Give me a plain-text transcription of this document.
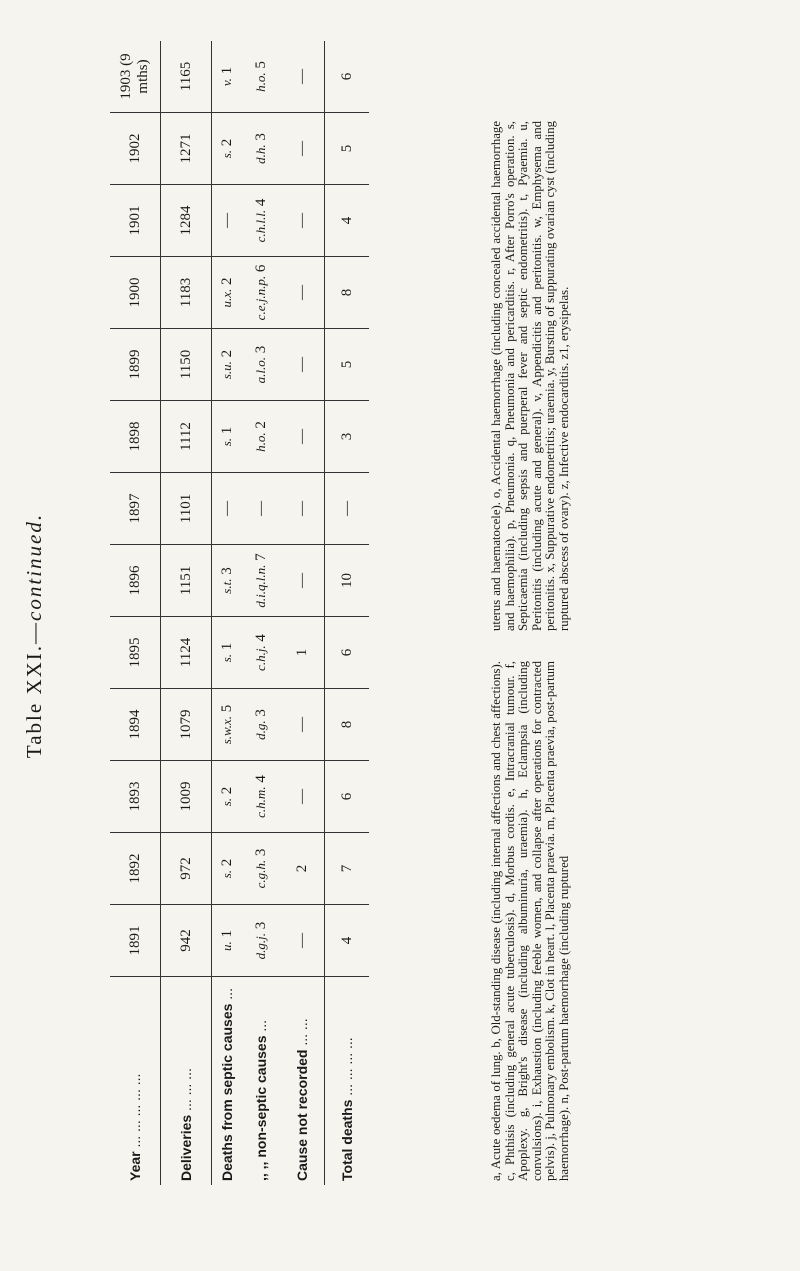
Table XXI.—continued.
Year ... ... ... ... ...	1891	1892	1893	1894	1895	1896	1897	1898	1899	1900	1901	1902	1903 (9 mths)
Deliveries ... ... ...	942	972	1009	1079	1124	1151	1101	1112	1150	1183	1284	1271	1165
Deaths from septic causes ...	u. 1	s. 2	s. 2	s.w.x. 5	s. 1	s.t. 3	—	s. 1	s.u. 2	u.x. 2	—	s. 2	v. 1
,, ,, non-septic causes ...	d.g.j. 3	c.g.h. 3	c.h.m. 4	d.g. 3	c.h.j. 4	d.i.q.l.n. 7	—	h.o. 2	a.l.o. 3	c.e.j.n.p. 6	c.h.l.l. 4	d.h. 3	h.o. 5
Cause not recorded ... ...	—	2	—	—	1	—	—	—	—	—	—	—	—
Total deaths ... ... ... ...	4	7	6	8	6	10	—	3	5	8	4	5	6
a, Acute oedema of lung. b, Old-standing disease (including internal affections and chest affections). c, Phthisis (including general acute tuberculosis). d, Morbus cordis. e, Intracranial tumour. f, Apoplexy. g, Bright's disease (including albuminuria, uraemia). h, Eclampsia (including convulsions). i, Exhaustion (including feeble women, and collapse after operations for contracted pelvis). j, Pulmonary embolism. k, Clot in heart. l, Placenta praevia. m, Placenta praevia, post-partum haemorrhage). n, Post-partum haemorrhage (including ruptured
uterus and haematocele). o, Accidental haemorrhage (including concealed accidental haemorrhage and haemophilia). p, Pneumonia. q, Pneumonia and pericarditis. r, After Porro's operation. s, Septicaemia (including sepsis and puerperal fever and septic endometritis). t, Pyaemia. u, Peritonitis (including acute and general). v, Appendicitis and peritonitis. w, Emphysema and peritonitis. x, Suppurative endometritis; uraemia. y, Bursting of suppurating ovarian cyst (including ruptured abscess of ovary). z, Infective endocarditis. z1, erysipelas.
